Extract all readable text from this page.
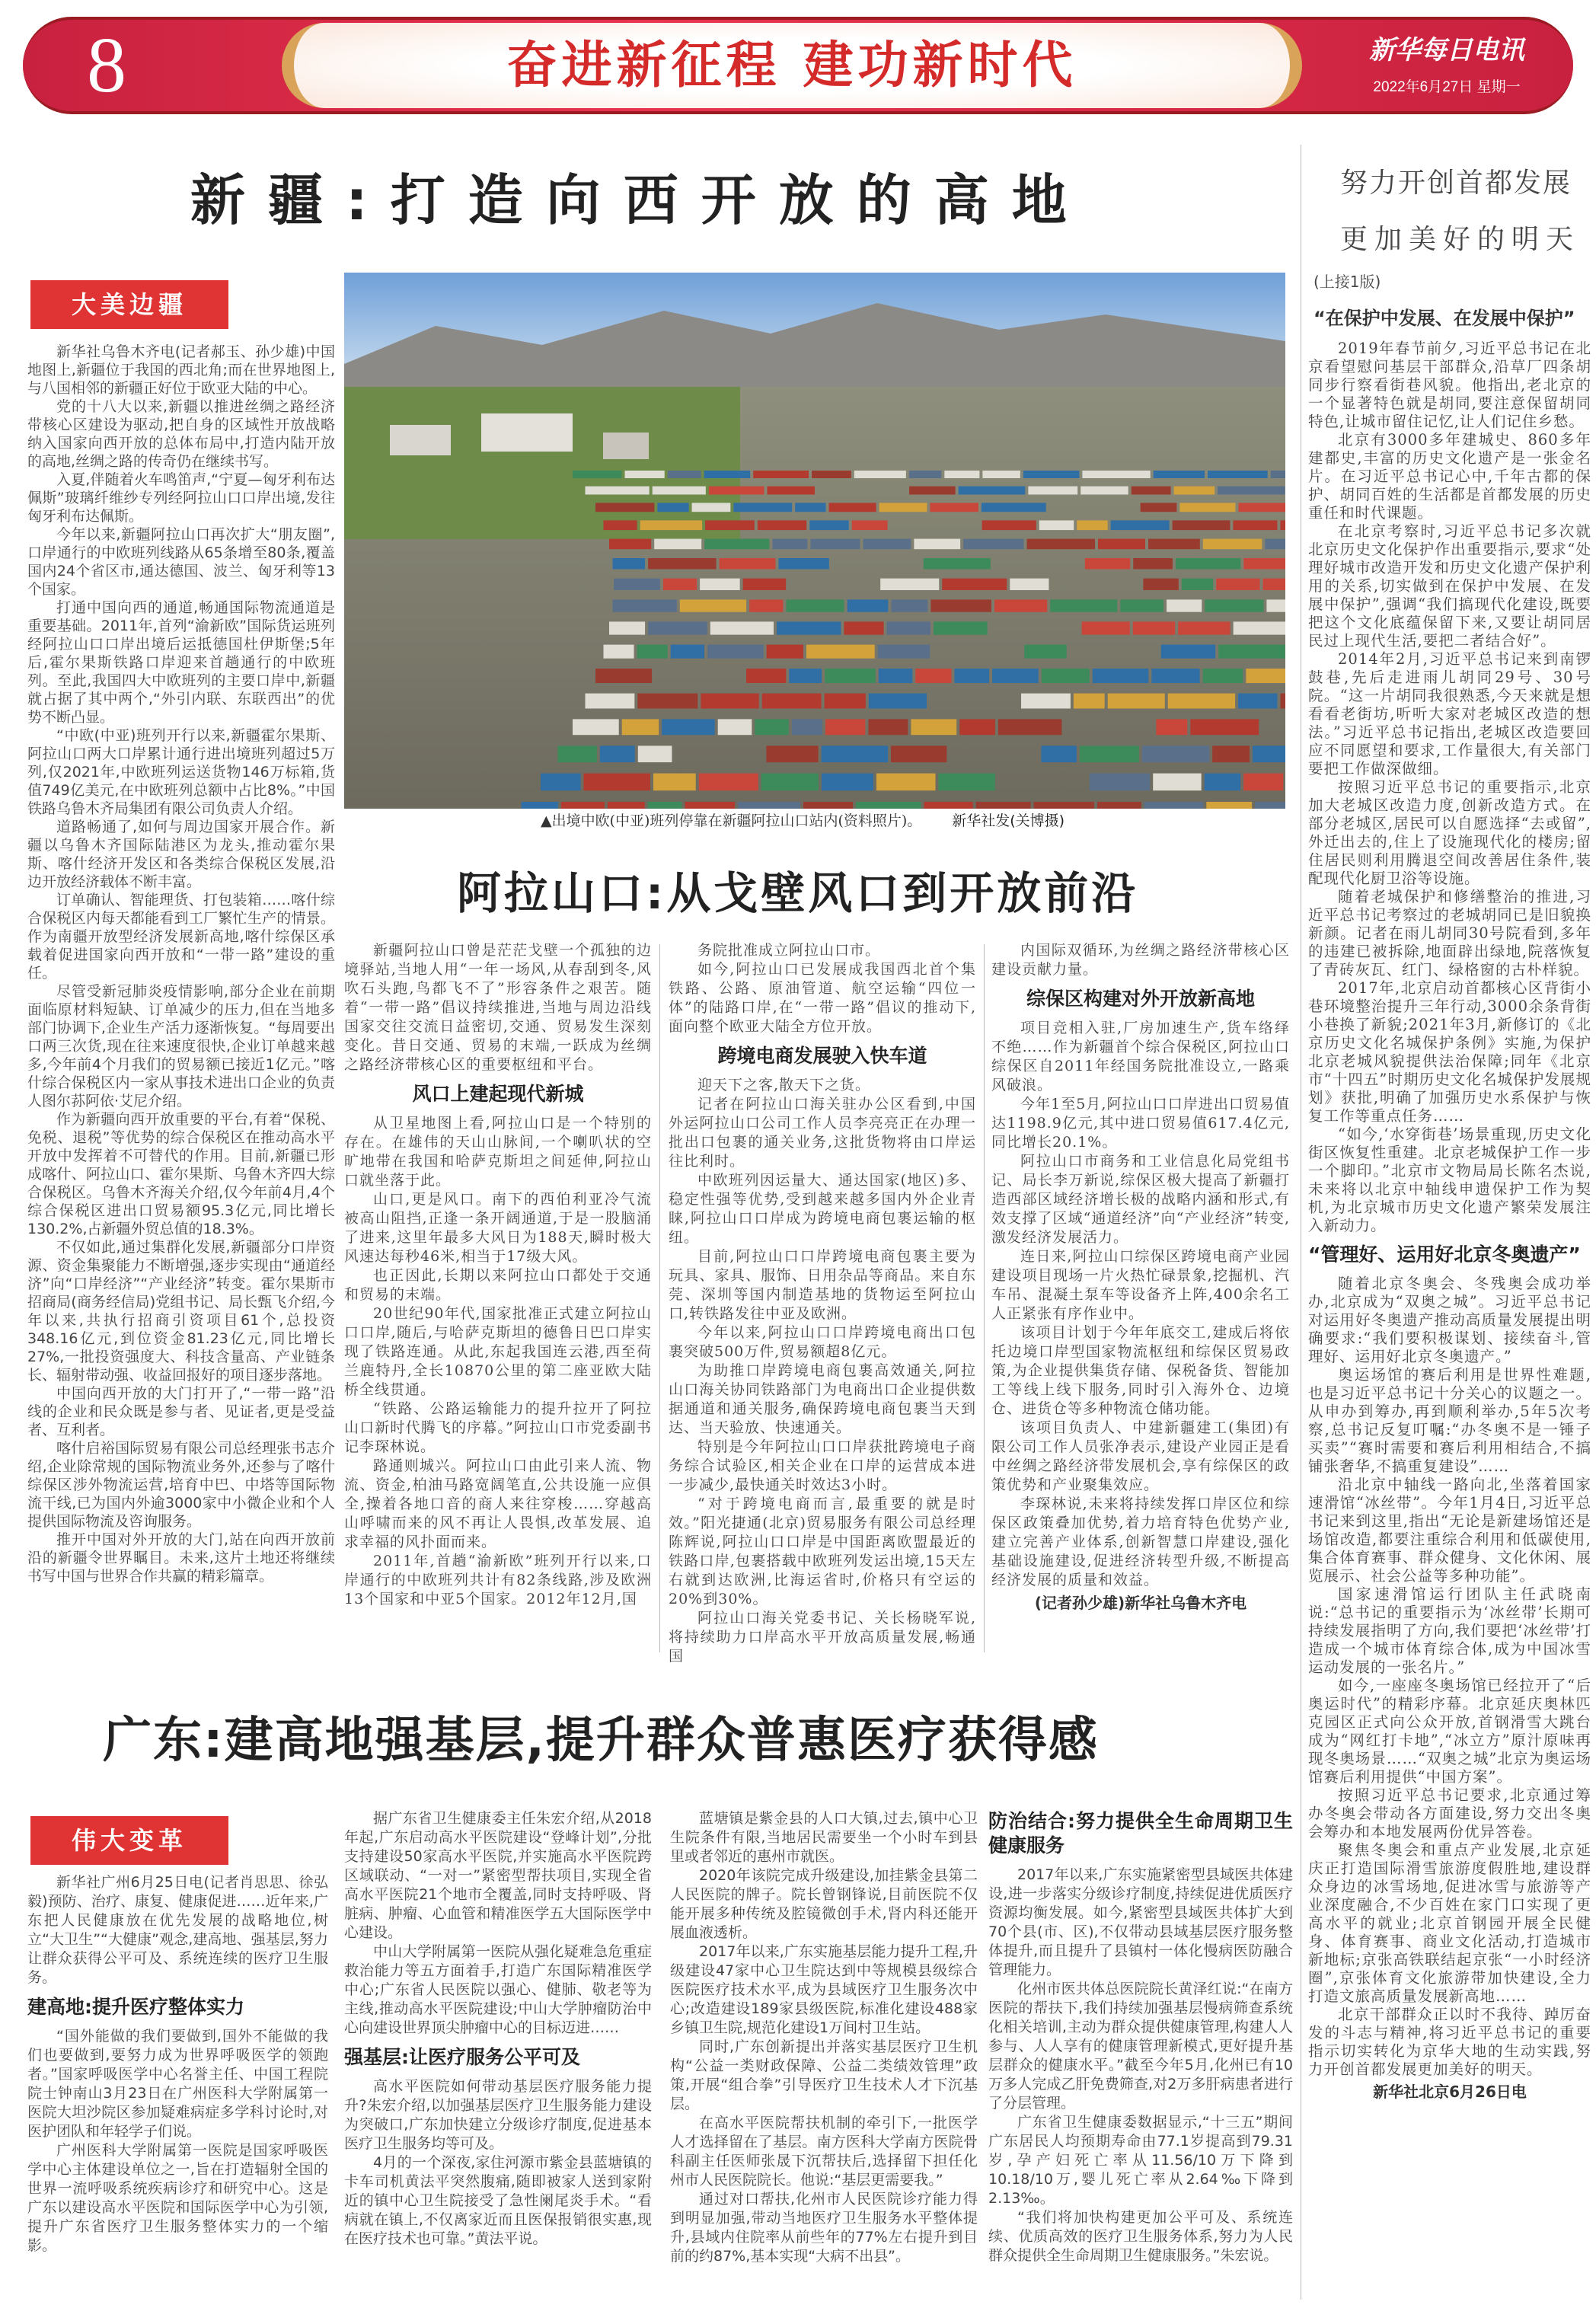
8	奋进新征程 建功新时代	新华每日电讯
2022年6月27日 星期一
新疆:打造向西开放的高地
大美边疆

新华社乌鲁木齐电(记者郝玉、孙少雄)中国地图上,新疆位于我国的西北角;而在世界地图上,与八国相邻的新疆正好位于欧亚大陆的中心。

党的十八大以来,新疆以推进丝绸之路经济带核心区建设为驱动,把自身的区域性开放战略纳入国家向西开放的总体布局中,打造内陆开放的高地,丝绸之路的传奇仍在继续书写。

入夏,伴随着火车鸣笛声,“宁夏—匈牙利布达佩斯”玻璃纤维纱专列经阿拉山口口岸出境,发往匈牙利布达佩斯。

今年以来,新疆阿拉山口再次扩大“朋友圈”,口岸通行的中欧班列线路从65条增至80条,覆盖国内24个省区市,通达德国、波兰、匈牙利等13个国家。

打通中国向西的通道,畅通国际物流通道是重要基础。2011年,首列“渝新欧”国际货运班列经阿拉山口口岸出境后运抵德国杜伊斯堡;5年后,霍尔果斯铁路口岸迎来首趟通行的中欧班列。至此,我国四大中欧班列的主要口岸中,新疆就占据了其中两个,“外引内联、东联西出”的优势不断凸显。

“中欧(中亚)班列开行以来,新疆霍尔果斯、阿拉山口两大口岸累计通行进出境班列超过5万列,仅2021年,中欧班列运送货物146万标箱,货值749亿美元,在中欧班列总额中占比8%。”中国铁路乌鲁木齐局集团有限公司负责人介绍。

道路畅通了,如何与周边国家开展合作。新疆以乌鲁木齐国际陆港区为龙头,推动霍尔果斯、喀什经济开发区和各类综合保税区发展,沿边开放经济载体不断丰富。

订单确认、智能理货、打包装箱……喀什综合保税区内每天都能看到工厂繁忙生产的情景。作为南疆开放型经济发展新高地,喀什综保区承载着促进国家向西开放和“一带一路”建设的重任。

尽管受新冠肺炎疫情影响,部分企业在前期面临原材料短缺、订单减少的压力,但在当地多部门协调下,企业生产活力逐渐恢复。“每周要出口两三次货,现在往来速度很快,企业订单越来越多,今年前4个月我们的贸易额已接近1亿元。”喀什综合保税区内一家从事技术进出口企业的负责人图尔荪阿依·艾尼介绍。

作为新疆向西开放重要的平台,有着“保税、免税、退税”等优势的综合保税区在推动高水平开放中发挥着不可替代的作用。目前,新疆已形成喀什、阿拉山口、霍尔果斯、乌鲁木齐四大综合保税区。乌鲁木齐海关介绍,仅今年前4月,4个综合保税区进出口贸易额95.3亿元,同比增长130.2%,占新疆外贸总值的18.3%。

不仅如此,通过集群化发展,新疆部分口岸资源、资金集聚能力不断增强,逐步实现由“通道经济”向“口岸经济”“产业经济”转变。霍尔果斯市招商局(商务经信局)党组书记、局长甄飞介绍,今年以来,共执行招商引资项目61个,总投资348.16亿元,到位资金81.23亿元,同比增长27%,一批投资强度大、科技含量高、产业链条长、辐射带动强、收益回报好的项目逐步落地。

中国向西开放的大门打开了,“一带一路”沿线的企业和民众既是参与者、见证者,更是受益者、互利者。

喀什启裕国际贸易有限公司总经理张书志介绍,企业除常规的国际物流业务外,还参与了喀什综保区涉外物流运营,培育中巴、中塔等国际物流干线,已为国内外逾3000家中小微企业和个人提供国际物流及咨询服务。

推开中国对外开放的大门,站在向西开放前沿的新疆令世界瞩目。未来,这片土地还将继续书写中国与世界合作共赢的精彩篇章。

▲出境中欧(中亚)班列停靠在新疆阿拉山口站内(资料照片)。 新华社发(关博摄)
阿拉山口:从戈壁风口到开放前沿

新疆阿拉山口曾是茫茫戈壁一个孤独的边境驿站,当地人用“一年一场风,从春刮到冬,风吹石头跑,鸟都飞不了”形容条件之艰苦。随着“一带一路”倡议持续推进,当地与周边沿线国家交往交流日益密切,交通、贸易发生深刻变化。昔日交通、贸易的末端,一跃成为丝绸之路经济带核心区的重要枢纽和平台。

风口上建起现代新城

从卫星地图上看,阿拉山口是一个特别的存在。在雄伟的天山山脉间,一个喇叭状的空旷地带在我国和哈萨克斯坦之间延伸,阿拉山口就坐落于此。

山口,更是风口。南下的西伯利亚冷气流被高山阻挡,正逢一条开阔通道,于是一股脑涌了进来,这里年最多大风日为188天,瞬时极大风速达每秒46米,相当于17级大风。

也正因此,长期以来阿拉山口都处于交通和贸易的末端。

20世纪90年代,国家批准正式建立阿拉山口口岸,随后,与哈萨克斯坦的德鲁日巴口岸实现了铁路连通。从此,东起我国连云港,西至荷兰鹿特丹,全长10870公里的第二座亚欧大陆桥全线贯通。

“铁路、公路运输能力的提升拉开了阿拉山口新时代腾飞的序幕。”阿拉山口市党委副书记李琛林说。

路通则城兴。阿拉山口由此引来人流、物流、资金,柏油马路宽阔笔直,公共设施一应俱全,操着各地口音的商人来往穿梭……穿越高山呼啸而来的风不再让人畏惧,改革发展、追求幸福的风扑面而来。

2011年,首趟“渝新欧”班列开行以来,口岸通行的中欧班列共计有82条线路,涉及欧洲13个国家和中亚5个国家。2012年12月,国

务院批准成立阿拉山口市。

如今,阿拉山口已发展成我国西北首个集铁路、公路、原油管道、航空运输“四位一体”的陆路口岸,在“一带一路”倡议的推动下,面向整个欧亚大陆全方位开放。

跨境电商发展驶入快车道

迎天下之客,散天下之货。

记者在阿拉山口海关驻办公区看到,中国外运阿拉山口公司工作人员李亮亮正在办理一批出口包裹的通关业务,这批货物将由口岸运往比利时。

中欧班列因运量大、通达国家(地区)多、稳定性强等优势,受到越来越多国内外企业青睐,阿拉山口口岸成为跨境电商包裹运输的枢纽。

目前,阿拉山口口岸跨境电商包裹主要为玩具、家具、服饰、日用杂品等商品。来自东莞、深圳等国内制造基地的货物运至阿拉山口,转铁路发往中亚及欧洲。

今年以来,阿拉山口口岸跨境电商出口包裹突破500万件,贸易额超8亿元。

为助推口岸跨境电商包裹高效通关,阿拉山口海关协同铁路部门为电商出口企业提供数据通道和通关服务,确保跨境电商包裹当天到达、当天验放、快速通关。

特别是今年阿拉山口口岸获批跨境电子商务综合试验区,相关企业在口岸的运营成本进一步减少,最快通关时效达3小时。

“对于跨境电商而言,最重要的就是时效。”阳光捷通(北京)贸易服务有限公司总经理陈辉说,阿拉山口口岸是中国距离欧盟最近的铁路口岸,包裹搭载中欧班列发运出境,15天左右就到达欧洲,比海运省时,价格只有空运的20%到30%。

阿拉山口海关党委书记、关长杨晓军说,将持续助力口岸高水平开放高质量发展,畅通国

内国际双循环,为丝绸之路经济带核心区建设贡献力量。

综保区构建对外开放新高地

项目竞相入驻,厂房加速生产,货车络绎不绝……作为新疆首个综合保税区,阿拉山口综保区自2011年经国务院批准设立,一路乘风破浪。

今年1至5月,阿拉山口口岸进出口贸易值达1198.9亿元,其中进口贸易值617.4亿元,同比增长20.1%。

阿拉山口市商务和工业信息化局党组书记、局长李万新说,综保区极大提高了新疆打造西部区域经济增长极的战略内涵和形式,有效支撑了区域“通道经济”向“产业经济”转变,激发经济发展活力。

连日来,阿拉山口综保区跨境电商产业园建设项目现场一片火热忙碌景象,挖掘机、汽车吊、混凝土泵车等设备齐上阵,400余名工人正紧张有序作业中。

该项目计划于今年年底交工,建成后将依托边境口岸型国家物流枢纽和综保区贸易政策,为企业提供集货存储、保税备货、智能加工等线上线下服务,同时引入海外仓、边境仓、进货仓等多种物流仓储功能。

该项目负责人、中建新疆建工(集团)有限公司工作人员张净表示,建设产业园正是看中丝绸之路经济带发展机会,享有综保区的政策优势和产业聚集效应。

李琛林说,未来将持续发挥口岸区位和综保区政策叠加优势,着力培育特色优势产业,建立完善产业体系,创新智慧口岸建设,强化基础设施建设,促进经济转型升级,不断提高经济发展的质量和效益。

(记者孙少雄)新华社乌鲁木齐电
广东:建高地强基层,提升群众普惠医疗获得感
伟大变革

新华社广州6月25日电(记者肖思思、徐弘毅)预防、治疗、康复、健康促进……近年来,广东把人民健康放在优先发展的战略地位,树立“大卫生”“大健康”观念,建高地、强基层,努力让群众获得公平可及、系统连续的医疗卫生服务。

建高地:提升医疗整体实力

“国外能做的我们要做到,国外不能做的我们也要做到,要努力成为世界呼吸医学的领跑者。”国家呼吸医学中心名誉主任、中国工程院院士钟南山3月23日在广州医科大学附属第一医院大坦沙院区参加疑难病症多学科讨论时,对医护团队和年轻学子们说。

广州医科大学附属第一医院是国家呼吸医学中心主体建设单位之一,旨在打造辐射全国的世界一流呼吸系统疾病诊疗和研究中心。这是广东以建设高水平医院和国际医学中心为引领,提升广东省医疗卫生服务整体实力的一个缩影。

据广东省卫生健康委主任朱宏介绍,从2018年起,广东启动高水平医院建设“登峰计划”,分批支持建设50家高水平医院,并实施高水平医院跨区域联动、“一对一”紧密型帮扶项目,实现全省高水平医院21个地市全覆盖,同时支持呼吸、肾脏病、肿瘤、心血管和精准医学五大国际医学中心建设。

中山大学附属第一医院从强化疑难急危重症救治能力等五方面着手,打造广东国际精准医学中心;广东省人民医院以强心、健肺、敬老等为主线,推动高水平医院建设;中山大学肿瘤防治中心向建设世界顶尖肿瘤中心的目标迈进……

强基层:让医疗服务公平可及

高水平医院如何带动基层医疗服务能力提升?朱宏介绍,以加强基层医疗卫生服务能力建设为突破口,广东加快建立分级诊疗制度,促进基本医疗卫生服务均等可及。

4月的一个深夜,家住河源市紫金县蓝塘镇的卡车司机黄法平突然腹痛,随即被家人送到家附近的镇中心卫生院接受了急性阑尾炎手术。“看病就在镇上,不仅离家近而且医保报销很实惠,现在医疗技术也可靠。”黄法平说。

蓝塘镇是紫金县的人口大镇,过去,镇中心卫生院条件有限,当地居民需要坐一个小时车到县里或者邻近的惠州市就医。

2020年该院完成升级建设,加挂紫金县第二人民医院的牌子。院长曾钢锋说,目前医院不仅能开展多种传统及腔镜微创手术,肾内科还能开展血液透析。

2017年以来,广东实施基层能力提升工程,升级建设47家中心卫生院达到中等规模县级综合医院医疗技术水平,成为县域医疗卫生服务次中心;改造建设189家县级医院,标准化建设488家乡镇卫生院,规范化建设1万间村卫生站。

同时,广东创新提出并落实基层医疗卫生机构“公益一类财政保障、公益二类绩效管理”政策,开展“组合拳”引导医疗卫生技术人才下沉基层。

在高水平医院帮扶机制的牵引下,一批医学人才选择留在了基层。南方医科大学南方医院骨科副主任医师张晟下沉帮扶后,选择留下担任化州市人民医院院长。他说:“基层更需要我。”

通过对口帮扶,化州市人民医院诊疗能力得到明显加强,带动当地医疗卫生服务水平整体提升,县域内住院率从前些年的77%左右提升到目前的约87%,基本实现“大病不出县”。

防治结合:努力提供全生命周期卫生健康服务

2017年以来,广东实施紧密型县域医共体建设,进一步落实分级诊疗制度,持续促进优质医疗资源均衡发展。如今,紧密型县域医共体扩大到70个县(市、区),不仅带动县域基层医疗服务整体提升,而且提升了县镇村一体化慢病医防融合管理能力。

化州市医共体总医院院长黄泽红说:“在南方医院的帮扶下,我们持续加强基层慢病筛查系统化相关培训,主动为群众提供健康管理,构建人人参与、人人享有的健康管理新模式,更好提升基层群众的健康水平。”截至今年5月,化州已有10万多人完成乙肝免费筛查,对2万多肝病患者进行了分层管理。

广东省卫生健康委数据显示,“十三五”期间广东居民人均预期寿命由77.1岁提高到79.31岁,孕产妇死亡率从11.56/10万下降到10.18/10万,婴儿死亡率从2.64‰下降到2.13‰。

“我们将加快构建更加公平可及、系统连续、优质高效的医疗卫生服务体系,努力为人民群众提供全生命周期卫生健康服务。”朱宏说。

努力开创首都发展
更加美好的明天
(上接1版)
“在保护中发展、在发展中保护”

2019年春节前夕,习近平总书记在北京看望慰问基层干部群众,沿草厂四条胡同步行察看街巷风貌。他指出,老北京的一个显著特色就是胡同,要注意保留胡同特色,让城市留住记忆,让人们记住乡愁。

北京有3000多年建城史、860多年建都史,丰富的历史文化遗产是一张金名片。在习近平总书记心中,千年古都的保护、胡同百姓的生活都是首都发展的历史重任和时代课题。

在北京考察时,习近平总书记多次就北京历史文化保护作出重要指示,要求“处理好城市改造开发和历史文化遗产保护利用的关系,切实做到在保护中发展、在发展中保护”,强调“我们搞现代化建设,既要把这个文化底蕴保留下来,又要让胡同居民过上现代生活,要把二者结合好”。

2014年2月,习近平总书记来到南锣鼓巷,先后走进雨儿胡同29号、30号院。“这一片胡同我很熟悉,今天来就是想看看老街坊,听听大家对老城区改造的想法。”习近平总书记指出,老城区改造要回应不同愿望和要求,工作量很大,有关部门要把工作做深做细。

按照习近平总书记的重要指示,北京加大老城区改造力度,创新改造方式。在部分老城区,居民可以自愿选择“去或留”,外迁出去的,住上了设施现代化的楼房;留住居民则利用腾退空间改善居住条件,装配现代化厨卫浴等设施。

随着老城保护和修缮整治的推进,习近平总书记考察过的老城胡同已是旧貌换新颜。记者在雨儿胡同30号院看到,多年的违建已被拆除,地面辟出绿地,院落恢复了青砖灰瓦、红门、绿格窗的古朴样貌。

2017年,北京启动首都核心区背街小巷环境整治提升三年行动,3000余条背街小巷换了新貌;2021年3月,新修订的《北京历史文化名城保护条例》实施,为保护北京老城风貌提供法治保障;同年《北京市“十四五”时期历史文化名城保护发展规划》获批,明确了加强历史水系保护与恢复工作等重点任务……

“如今,‘水穿街巷’场景重现,历史文化街区恢复性重建。北京老城保护工作一步一个脚印。”北京市文物局局长陈名杰说,未来将以北京中轴线申遗保护工作为契机,为北京城市历史文化遗产繁荣发展注入新动力。

“管理好、运用好北京冬奥遗产”

随着北京冬奥会、冬残奥会成功举办,北京成为“双奥之城”。习近平总书记对运用好冬奥遗产推动高质量发展提出明确要求:“我们要积极谋划、接续奋斗,管理好、运用好北京冬奥遗产。”

奥运场馆的赛后利用是世界性难题,也是习近平总书记十分关心的议题之一。从申办到筹办,再到顺利举办,5年5次考察,总书记反复叮嘱:“办冬奥不是一锤子买卖”“赛时需要和赛后利用相结合,不搞铺张奢华,不搞重复建设”……

沿北京中轴线一路向北,坐落着国家速滑馆“冰丝带”。今年1月4日,习近平总书记来到这里,指出“无论是新建场馆还是场馆改造,都要注重综合利用和低碳使用,集合体育赛事、群众健身、文化休闲、展览展示、社会公益等多种功能”。

国家速滑馆运行团队主任武晓南说:“总书记的重要指示为‘冰丝带’长期可持续发展指明了方向,我们要把‘冰丝带’打造成一个城市体育综合体,成为中国冰雪运动发展的一张名片。”

如今,一座座冬奥场馆已经拉开了“后奥运时代”的精彩序幕。北京延庆奥林匹克园区正式向公众开放,首钢滑雪大跳台成为“网红打卡地”,“冰立方”原汁原味再现冬奥场景……“双奥之城”北京为奥运场馆赛后利用提供“中国方案”。

按照习近平总书记要求,北京通过筹办冬奥会带动各方面建设,努力交出冬奥会筹办和本地发展两份优异答卷。

聚焦冬奥会和重点产业发展,北京延庆正打造国际滑雪旅游度假胜地,建设群众身边的冰雪场地,促进冰雪与旅游等产业深度融合,不少百姓在家门口实现了更高水平的就业;北京首钢园开展全民健身、体育赛事、商业文化活动,打造城市新地标;京张高铁联结起京张“一小时经济圈”,京张体育文化旅游带加快建设,全力打造文旅高质量发展新高地……

北京干部群众正以时不我待、踔厉奋发的斗志与精神,将习近平总书记的重要指示切实转化为京华大地的生动实践,努力开创首都发展更加美好的明天。

新华社北京6月26日电
